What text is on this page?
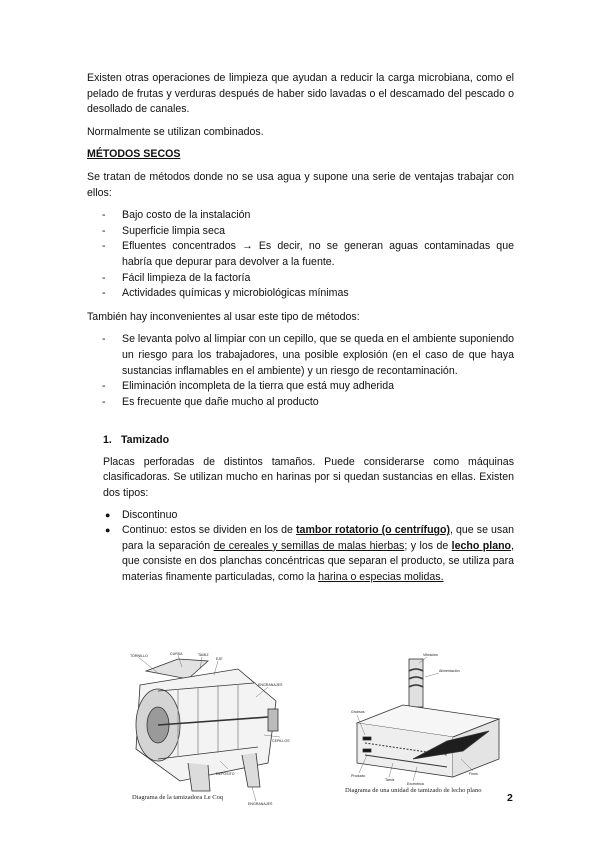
Existen otras operaciones de limpieza que ayudan a reducir la carga microbiana, como el pelado de frutas y verduras después de haber sido lavadas o el descamado del pescado o desollado de canales.

Normalmente se utilizan combinados.

MÉTODOS SECOS

Se tratan de métodos donde no se usa agua y supone una serie de ventajas trabajar con ellos:

- Bajo costo de la instalación
- Superficie limpia seca
- Efluentes concentrados → Es decir, no se generan aguas contaminadas que habría que depurar para devolver a la fuente.
- Fácil limpieza de la factoría
- Actividades químicas y microbiológicas mínimas

También hay inconvenientes al usar este tipo de métodos:

- Se levanta polvo al limpiar con un cepillo, que se queda en el ambiente suponiendo un riesgo para los trabajadores, una posible explosión (en el caso de que haya sustancias inflamables en el ambiente) y un riesgo de recontaminación.
- Eliminación incompleta de la tierra que está muy adherida
- Es frecuente que dañe mucho al producto

1. Tamizado

Placas perforadas de distintos tamaños. Puede considerarse como máquinas clasificadoras. Se utilizan mucho en harinas por si quedan sustancias en ellas. Existen dos tipos:

● Discontinuo
● Continuo: estos se dividen en los de tambor rotatorio (o centrífugo), que se usan para la separación de cereales y semillas de malas hierbas; y los de lecho plano, que consiste en dos planchas concéntricas que separan el producto, se utiliza para materias finamente particuladas, como la harina o especias molidas.
TORNILLO	CURSA	TAMIZ
EJE
ENGRANAJES
CEPILLOS
DEPÓSITO
ENGRANAJES
Diagrama de la tamizadora Le Coq
Vibración
Alimentación
Gruesos
Finos
Producto
Tamiz
Excéntrica
Diagrama de una unidad de tamizado de lecho plano
2
